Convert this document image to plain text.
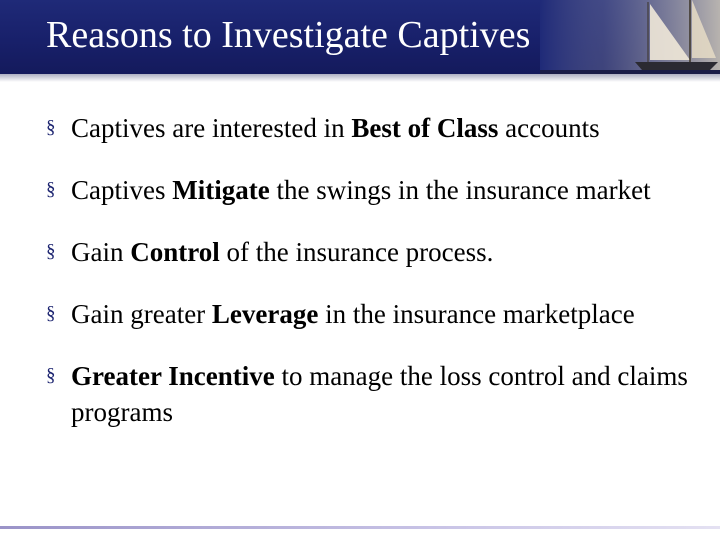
Reasons to Investigate Captives
§ Captives are interested in Best of Class accounts
§ Captives Mitigate the swings in the insurance market
§ Gain Control of the insurance process.
§ Gain greater Leverage in the insurance marketplace
§ Greater Incentive to manage the loss control and claims programs
